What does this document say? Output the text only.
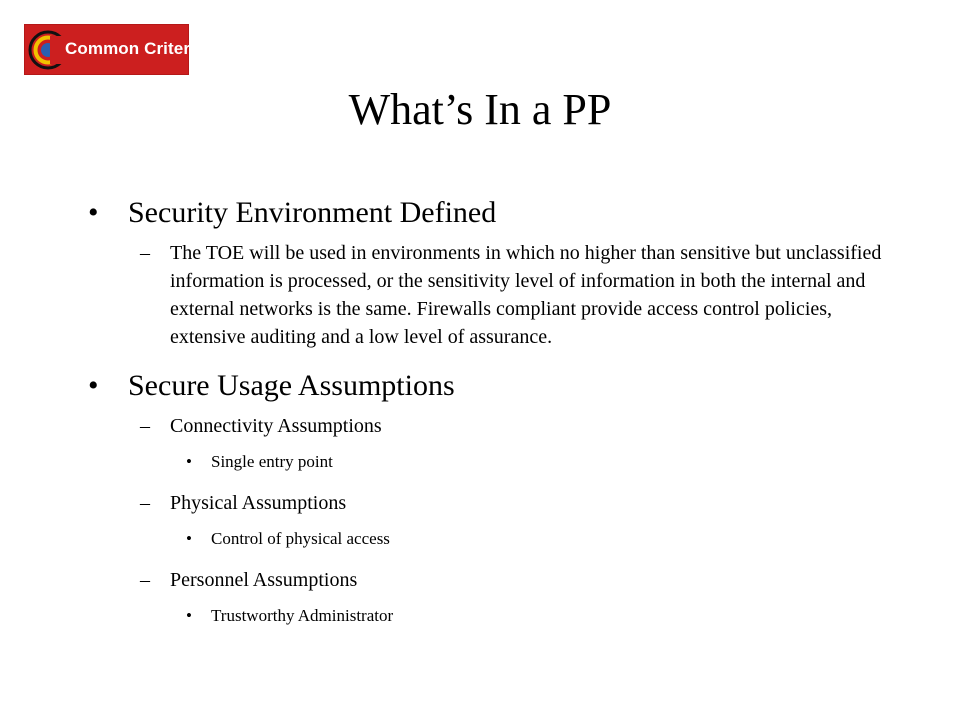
Common Criteria
What’s In a PP
• Security Environment Defined
– The TOE will be used in environments in which no higher than sensitive but unclassified information is processed, or the sensitivity level of information in both the internal and external networks is the same. Firewalls compliant provide access control policies, extensive auditing and a low level of assurance.
• Secure Usage Assumptions
– Connectivity Assumptions
• Single entry point
– Physical Assumptions
• Control of physical access
– Personnel Assumptions
• Trustworthy Administrator
